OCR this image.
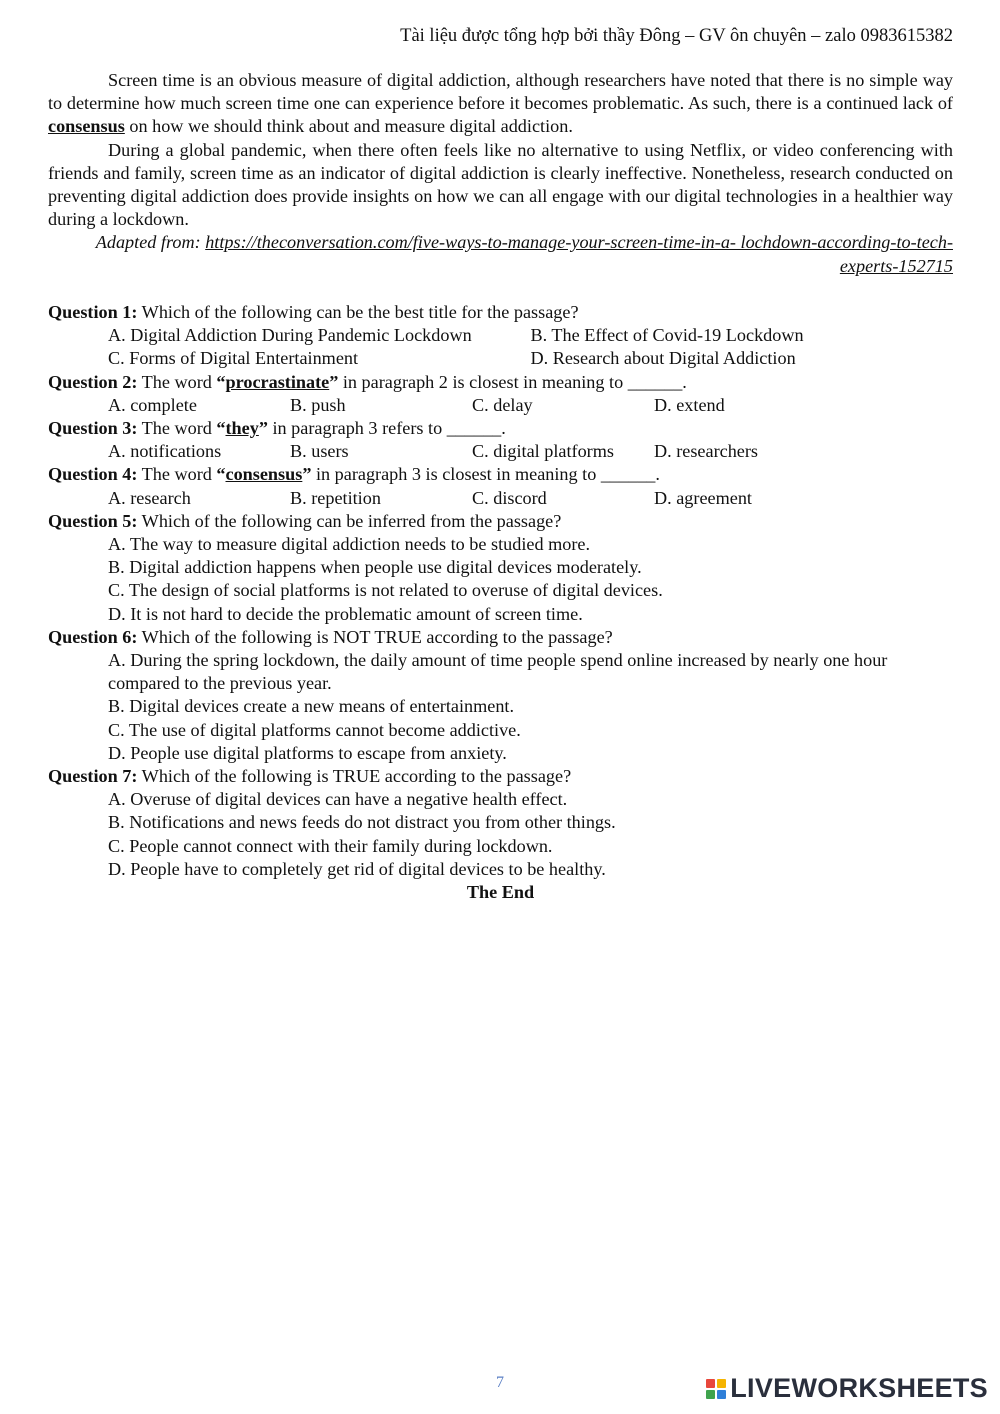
Tài liệu được tổng hợp bởi thầy Đông – GV ôn chuyên – zalo 0983615382

Screen time is an obvious measure of digital addiction, although researchers have noted that there is no simple way to determine how much screen time one can experience before it becomes problematic. As such, there is a continued lack of consensus on how we should think about and measure digital addiction.

During a global pandemic, when there often feels like no alternative to using Netflix, or video conferencing with friends and family, screen time as an indicator of digital addiction is clearly ineffective. Nonetheless, research conducted on preventing digital addiction does provide insights on how we can all engage with our digital technologies in a healthier way during a lockdown.

Adapted from: https://theconversation.com/five-ways-to-manage-your-screen-time-in-a- lochdown-according-to-tech-experts-152715

Question 1: Which of the following can be the best title for the passage?

A. Digital Addiction During Pandemic Lockdown	B. The Effect of Covid-19 Lockdown
C. Forms of Digital Entertainment	D. Research about Digital Addiction

Question 2: The word “procrastinate” in paragraph 2 is closest in meaning to ______.

A. complete	B. push	C. delay	D. extend

Question 3: The word “they” in paragraph 3 refers to ______.

A. notifications	B. users	C. digital platforms	D. researchers

Question 4: The word “consensus” in paragraph 3 is closest in meaning to ______.

A. research	B. repetition	C. discord	D. agreement

Question 5: Which of the following can be inferred from the passage?

A. The way to measure digital addiction needs to be studied more.

B. Digital addiction happens when people use digital devices moderately.

C. The design of social platforms is not related to overuse of digital devices.

D. It is not hard to decide the problematic amount of screen time.

Question 6: Which of the following is NOT TRUE according to the passage?

A. During the spring lockdown, the daily amount of time people spend online increased by nearly one hour compared to the previous year.

B. Digital devices create a new means of entertainment.

C. The use of digital platforms cannot become addictive.

D. People use digital platforms to escape from anxiety.

Question 7: Which of the following is TRUE according to the passage?

A. Overuse of digital devices can have a negative health effect.

B. Notifications and news feeds do not distract you from other things.

C. People cannot connect with their family during lockdown.

D. People have to completely get rid of digital devices to be healthy.

The End

7	LIVEWORKSHEETS
